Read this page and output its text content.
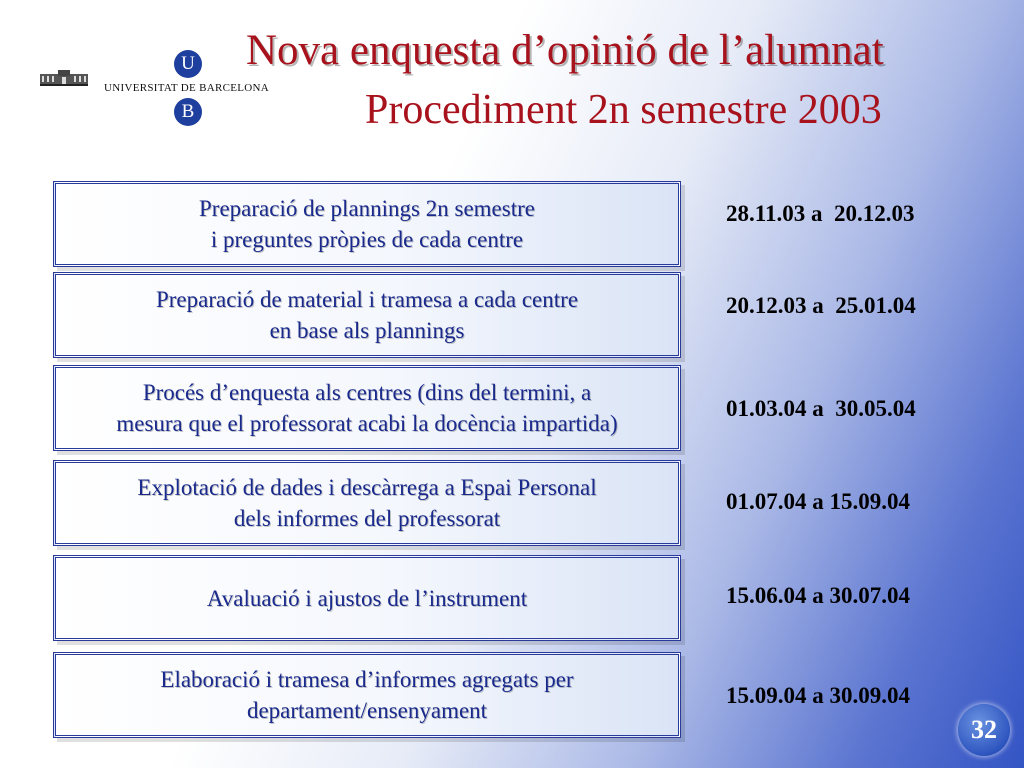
U
UNIVERSITAT DE BARCELONA
B
Nova enquesta d’opinió de l’alumnat
Procediment 2n semestre 2003
Preparació de plannings 2n semestre
i preguntes pròpies de cada centre
28.11.03 a  20.12.03
Preparació de material i tramesa a cada centre
en base als plannings
20.12.03 a  25.01.04
Procés d’enquesta als centres (dins del termini, a
mesura que el professorat acabi la docència impartida)
01.03.04 a  30.05.04
Explotació de dades i descàrrega a Espai Personal
dels informes del professorat
01.07.04 a 15.09.04
Avaluació i ajustos de l’instrument	15.06.04 a 30.07.04
Elaboració i tramesa d’informes agregats per
departament/ensenyament
15.09.04 a 30.09.04
32
